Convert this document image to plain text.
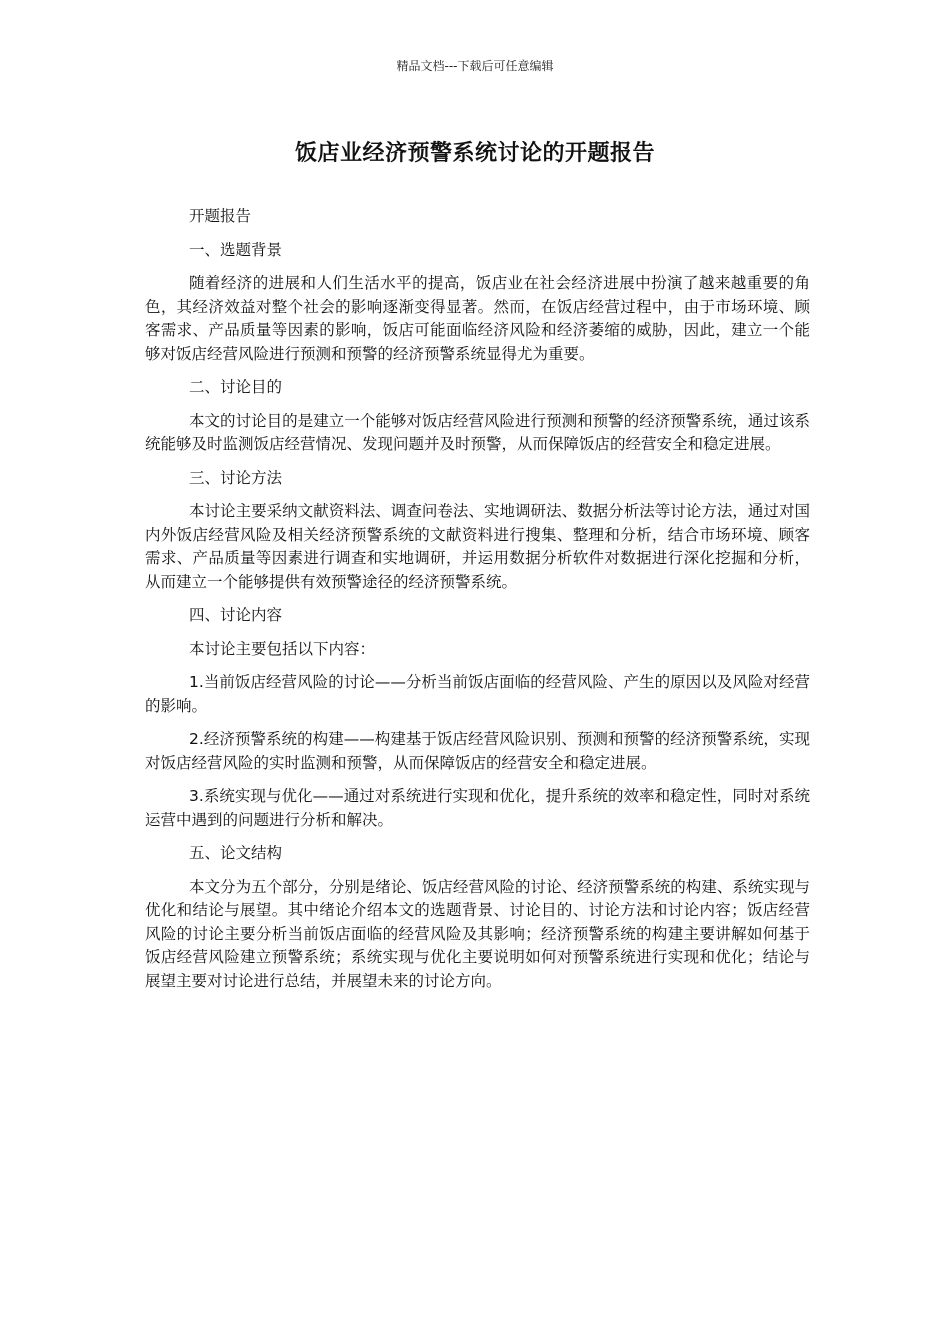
精品文档---下载后可任意编辑
饭店业经济预警系统讨论的开题报告

开题报告

一、选题背景

随着经济的进展和人们生活水平的提高，饭店业在社会经济进展中扮演了越来越重要的角色，其经济效益对整个社会的影响逐渐变得显著。然而，在饭店经营过程中，由于市场环境、顾客需求、产品质量等因素的影响，饭店可能面临经济风险和经济萎缩的威胁，因此，建立一个能够对饭店经营风险进行预测和预警的经济预警系统显得尤为重要。

二、讨论目的

本文的讨论目的是建立一个能够对饭店经营风险进行预测和预警的经济预警系统，通过该系统能够及时监测饭店经营情况、发现问题并及时预警，从而保障饭店的经营安全和稳定进展。

三、讨论方法

本讨论主要采纳文献资料法、调查问卷法、实地调研法、数据分析法等讨论方法，通过对国内外饭店经营风险及相关经济预警系统的文献资料进行搜集、整理和分析，结合市场环境、顾客需求、产品质量等因素进行调查和实地调研，并运用数据分析软件对数据进行深化挖掘和分析，从而建立一个能够提供有效预警途径的经济预警系统。

四、讨论内容

本讨论主要包括以下内容：

1.当前饭店经营风险的讨论——分析当前饭店面临的经营风险、产生的原因以及风险对经营的影响。

2.经济预警系统的构建——构建基于饭店经营风险识别、预测和预警的经济预警系统，实现对饭店经营风险的实时监测和预警，从而保障饭店的经营安全和稳定进展。

3.系统实现与优化——通过对系统进行实现和优化，提升系统的效率和稳定性，同时对系统运营中遇到的问题进行分析和解决。

五、论文结构

本文分为五个部分，分别是绪论、饭店经营风险的讨论、经济预警系统的构建、系统实现与优化和结论与展望。其中绪论介绍本文的选题背景、讨论目的、讨论方法和讨论内容；饭店经营风险的讨论主要分析当前饭店面临的经营风险及其影响；经济预警系统的构建主要讲解如何基于饭店经营风险建立预警系统；系统实现与优化主要说明如何对预警系统进行实现和优化；结论与展望主要对讨论进行总结，并展望未来的讨论方向。
